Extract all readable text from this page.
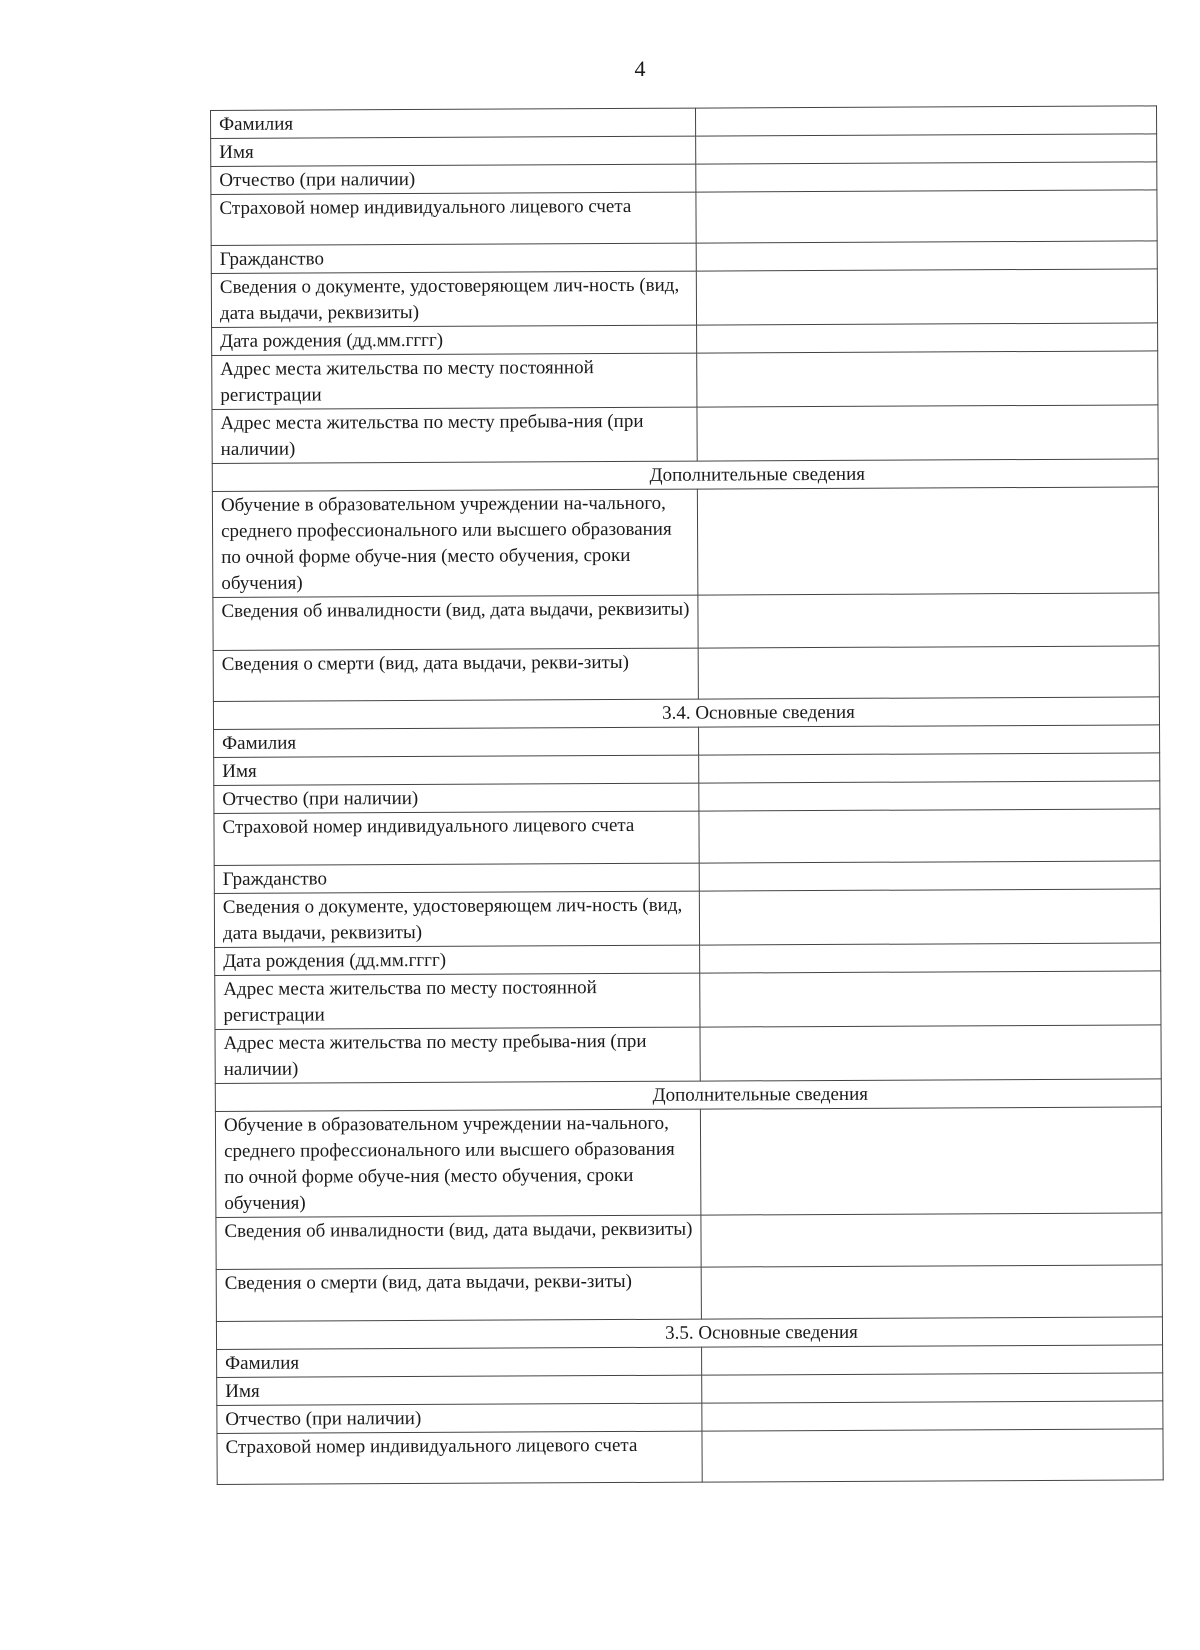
4
Фамилия	
Имя	
Отчество (при наличии)	
Страховой номер индивидуального лицевого счета	
Гражданство	
Сведения о документе, удостоверяющем лич-ность (вид, дата выдачи, реквизиты)	
Дата рождения (дд.мм.гггг)	
Адрес места жительства по месту постоянной регистрации	
Адрес места жительства по месту пребыва-ния (при наличии)	
Дополнительные сведения	
Обучение в образовательном учреждении на-чального, среднего профессионального или высшего образования по очной форме обуче-ния (место обучения, сроки обучения)	
Сведения об инвалидности (вид, дата выдачи, реквизиты)	
Сведения о смерти (вид, дата выдачи, рекви-зиты)	
3.4. Основные сведения	
Фамилия	
Имя	
Отчество (при наличии)	
Страховой номер индивидуального лицевого счета	
Гражданство	
Сведения о документе, удостоверяющем лич-ность (вид, дата выдачи, реквизиты)	
Дата рождения (дд.мм.гггг)	
Адрес места жительства по месту постоянной регистрации	
Адрес места жительства по месту пребыва-ния (при наличии)	
Дополнительные сведения	
Обучение в образовательном учреждении на-чального, среднего профессионального или высшего образования по очной форме обуче-ния (место обучения, сроки обучения)	
Сведения об инвалидности (вид, дата выдачи, реквизиты)	
Сведения о смерти (вид, дата выдачи, рекви-зиты)	
3.5. Основные сведения	
Фамилия	
Имя	
Отчество (при наличии)	
Страховой номер индивидуального лицевого счета	
